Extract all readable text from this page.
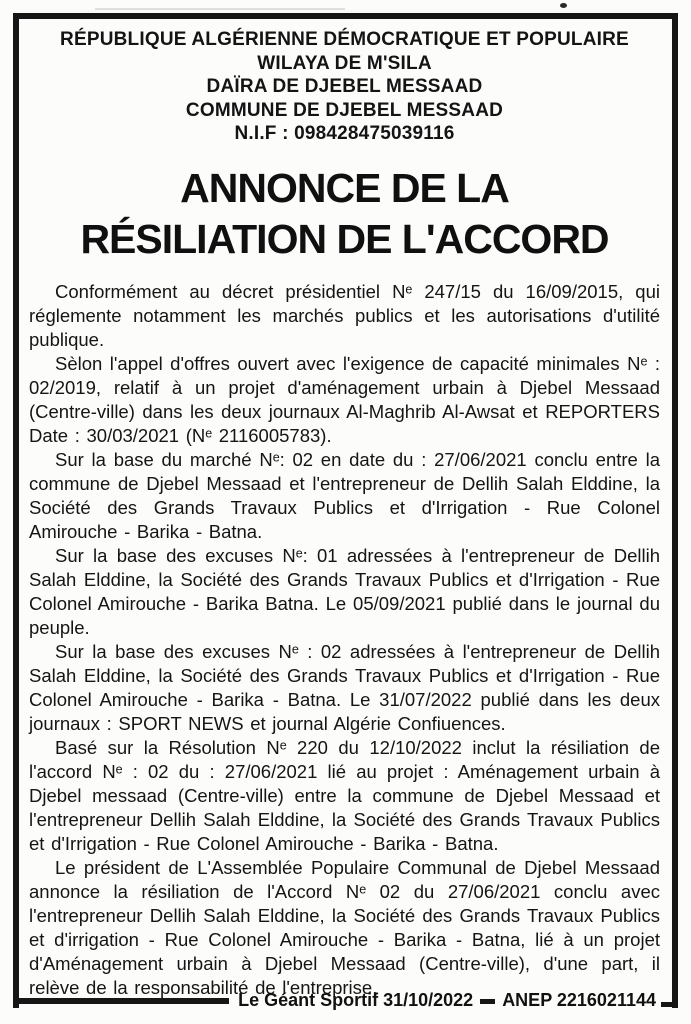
RÉPUBLIQUE ALGÉRIENNE DÉMOCRATIQUE ET POPULAIRE
WILAYA DE M'SILA
DAÏRA DE DJEBEL MESSAAD
COMMUNE DE DJEBEL MESSAAD
N.I.F : 098428475039116
ANNONCE DE LA
RÉSILIATION DE L'ACCORD

Conformément au décret présidentiel Nᵉ 247/15 du 16/09/2015, qui réglemente notamment les marchés publics et les autorisations d'utilité publique.

Sèlon l'appel d'offres ouvert avec l'exigence de capacité minimales Nᵉ : 02/2019, relatif à un projet d'aménagement urbain à Djebel Messaad (Centre-ville) dans les deux journaux Al-Maghrib Al-Awsat et REPORTERS Date : 30/03/2021 (Nᵉ 2116005783).

Sur la base du marché Nᵉ: 02 en date du : 27/06/2021 conclu entre la commune de Djebel Messaad et l'entrepreneur de Dellih Salah Elddine, la Société des Grands Travaux Publics et d'Irrigation - Rue Colonel Amirouche - Barika - Batna.

Sur la base des excuses Nᵉ: 01 adressées à l'entrepreneur de Dellih Salah Elddine, la Société des Grands Travaux Publics et d'Irrigation - Rue Colonel Amirouche - Barika Batna. Le 05/09/2021 publié dans le journal du peuple.

Sur la base des excuses Nᵉ : 02 adressées à l'entrepreneur de Dellih Salah Elddine, la Société des Grands Travaux Publics et d'Irrigation - Rue Colonel Amirouche - Barika - Batna. Le 31/07/2022 publié dans les deux journaux : SPORT NEWS et journal Algérie Confiuences.

Basé sur la Résolution Nᵉ 220 du 12/10/2022 inclut la résiliation de l'accord Nᵉ : 02 du : 27/06/2021 lié au projet : Aménagement urbain à Djebel messaad (Centre-ville) entre la commune de Djebel Messaad et l'entrepreneur Dellih Salah Elddine, la Société des Grands Travaux Publics et d'Irrigation - Rue Colonel Amirouche - Barika - Batna.

Le président de L'Assemblée Populaire Communal de Djebel Messaad annonce la résiliation de l'Accord Nᵉ 02 du 27/06/2021 conclu avec l'entrepreneur Dellih Salah Elddine, la Société des Grands Travaux Publics et d'irrigation - Rue Colonel Amirouche - Barika - Batna, lié à un projet d'Aménagement urbain à Djebel Messaad (Centre-ville), d'une part, il relève de la responsabilité de l'entreprise.

Le Géant Sportif 31/10/2022 ANEP 2216021144
